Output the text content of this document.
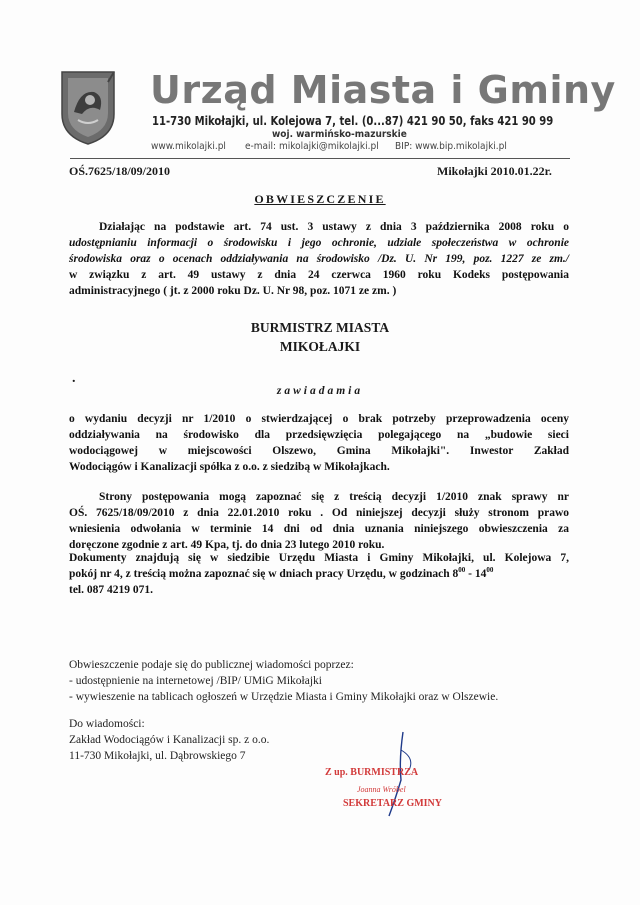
Urząd Miasta i Gminy
11-730 Mikołajki, ul. Kolejowa 7, tel. (0...87) 421 90 50, faks 421 90 99
woj. warmińsko-mazurskie
www.mikolajki.pl e-mail: mikolajki@mikolajki.pl BIP: www.bip.mikolajki.pl
OŚ.7625/18/09/2010	Mikołajki 2010.01.22r.
OBWIESZCZENIE
Działając na podstawie art. 74 ust. 3 ustawy z dnia 3 października 2008 roku o
udostępnianiu informacji o środowisku i jego ochronie, udziale społeczeństwa w ochronie
środowiska oraz o ocenach oddziaływania na środowisko /Dz. U. Nr 199, poz. 1227 ze zm./
w związku z art. 49 ustawy z dnia 24 czerwca 1960 roku Kodeks postępowania
administracyjnego ( jt. z 2000 roku Dz. U. Nr 98, poz. 1071 ze zm. )
BURMISTRZ MIASTA
MIKOŁAJKI
.
zawiadamia
o wydaniu decyzji nr 1/2010 o stwierdzającej o brak potrzeby przeprowadzenia oceny
oddziaływania na środowisko dla przedsięwzięcia polegającego na „budowie sieci
wodociągowej w miejscowości Olszewo, Gmina Mikołajki". Inwestor Zakład
Wodociągów i Kanalizacji spółka z o.o. z siedzibą w Mikołajkach.
Strony postępowania mogą zapoznać się z treścią decyzji 1/2010 znak sprawy nr
OŚ. 7625/18/09/2010 z dnia 22.01.2010 roku . Od niniejszej decyzji służy stronom prawo
wniesienia odwołania w terminie 14 dni od dnia uznania niniejszego obwieszczenia za
doręczone zgodnie z art. 49 Kpa, tj. do dnia 23 lutego 2010 roku.
Dokumenty znajdują się w siedzibie Urzędu Miasta i Gminy Mikołajki, ul. Kolejowa 7,
pokój nr 4, z treścią można zapoznać się w dniach pracy Urzędu, w godzinach $8^{00} - 14^{00}$
tel. 087 4219 071.
Obwieszczenie podaje się do publicznej wiadomości poprzez:
- udostępnienie na internetowej /BIP/ UMiG Mikołajki
- wywieszenie na tablicach ogłoszeń w Urzędzie Miasta i Gminy Mikołajki oraz w Olszewie.
Do wiadomości:
Zakład Wodociągów i Kanalizacji sp. z o.o.
11-730 Mikołajki, ul. Dąbrowskiego 7
Z up. BURMISTRZA
Joanna Wróbel
SEKRETARZ GMINY
